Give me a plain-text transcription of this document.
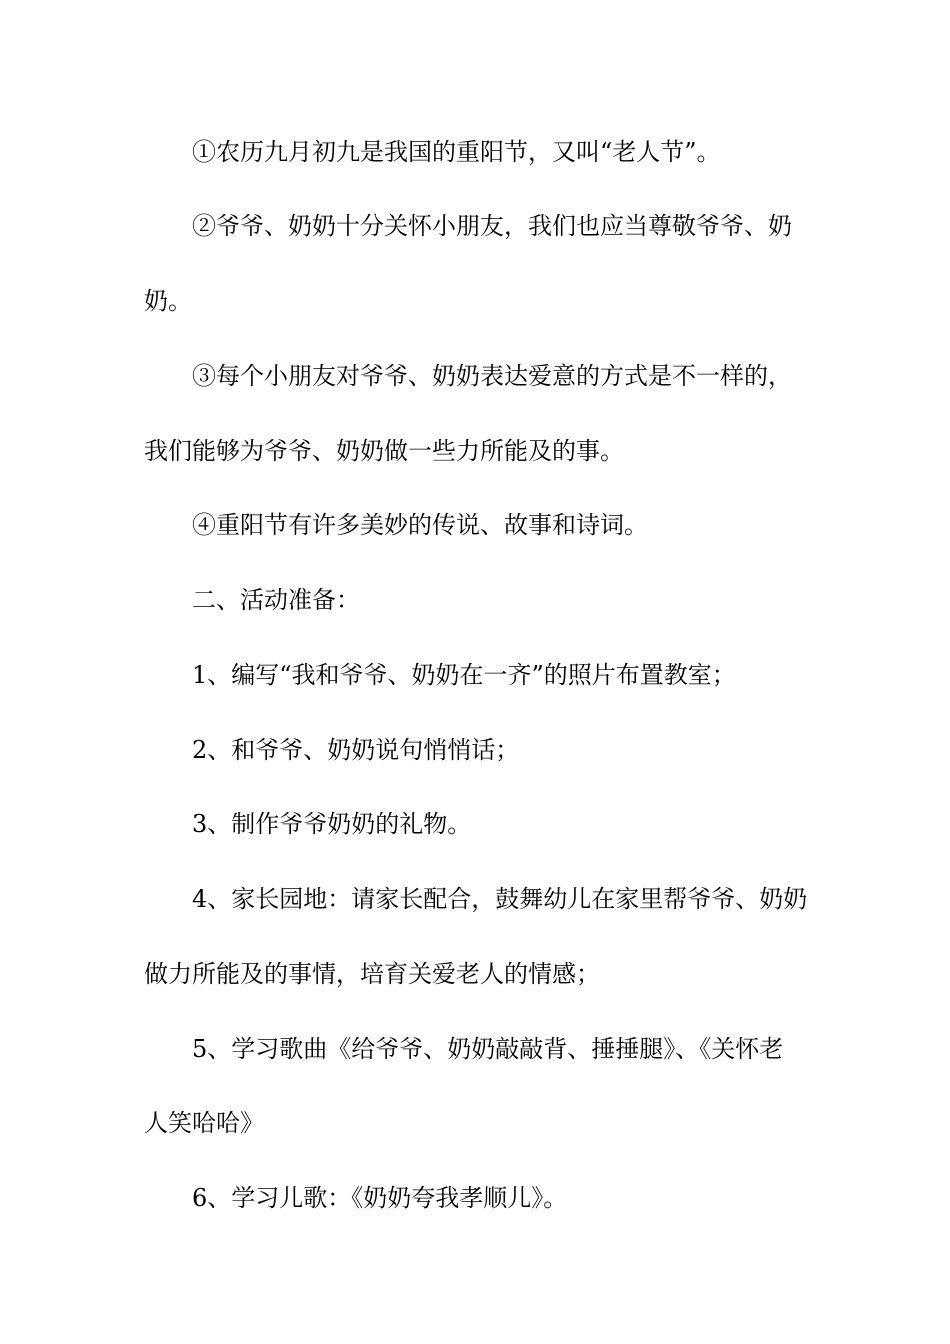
①农历九月初九是我国的重阳节，又叫“老人节”。
②爷爷、奶奶十分关怀小朋友，我们也应当尊敬爷爷、奶
奶。
③每个小朋友对爷爷、奶奶表达爱意的方式是不一样的，
我们能够为爷爷、奶奶做一些力所能及的事。
④重阳节有许多美妙的传说、故事和诗词。
二、活动准备：
1、编写“我和爷爷、奶奶在一齐”的照片布置教室；
2、和爷爷、奶奶说句悄悄话；
3、制作爷爷奶奶的礼物。
4、家长园地：请家长配合，鼓舞幼儿在家里帮爷爷、奶奶
做力所能及的事情，培育关爱老人的情感；
5、学习歌曲《给爷爷、奶奶敲敲背、捶捶腿》、《关怀老
人笑哈哈》
6、学习儿歌：《奶奶夸我孝顺儿》。
